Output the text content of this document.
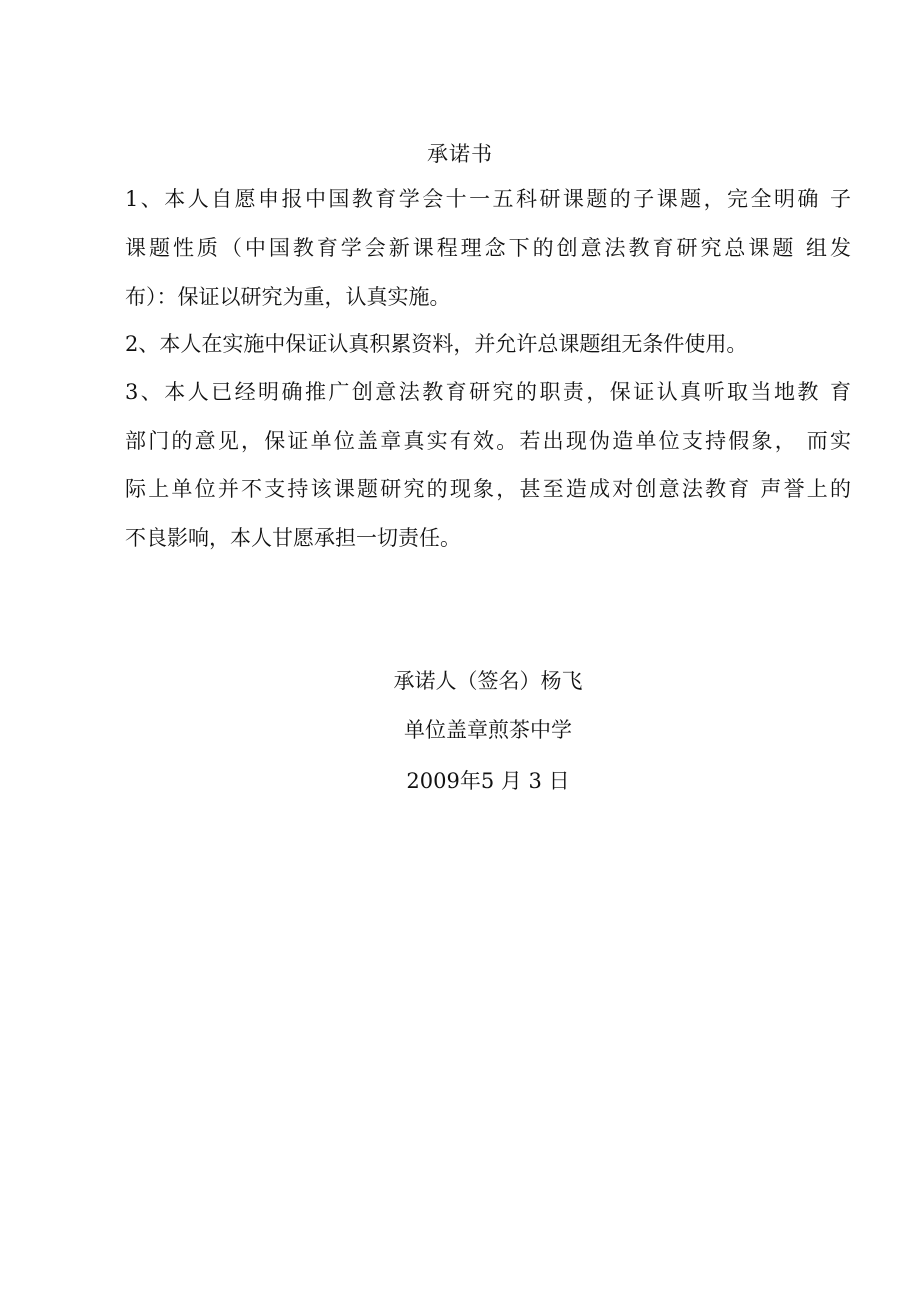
承诺书
1、本人自愿申报中国教育学会十一五科研课题的子课题，完全明确 子
课题性质（中国教育学会新课程理念下的创意法教育研究总课题 组发
布）：保证以研究为重，认真实施。
2、本人在实施中保证认真积累资料，并允许总课题组无条件使用。
3、本人已经明确推广创意法教育研究的职责，保证认真听取当地教 育
部门的意见，保证单位盖章真实有效。若出现伪造单位支持假象， 而实
际上单位并不支持该课题研究的现象，甚至造成对创意法教育 声誉上的
不良影响，本人甘愿承担一切责任。
承诺人（签名）杨飞
单位盖章煎茶中学
2009年5 月 3 日
